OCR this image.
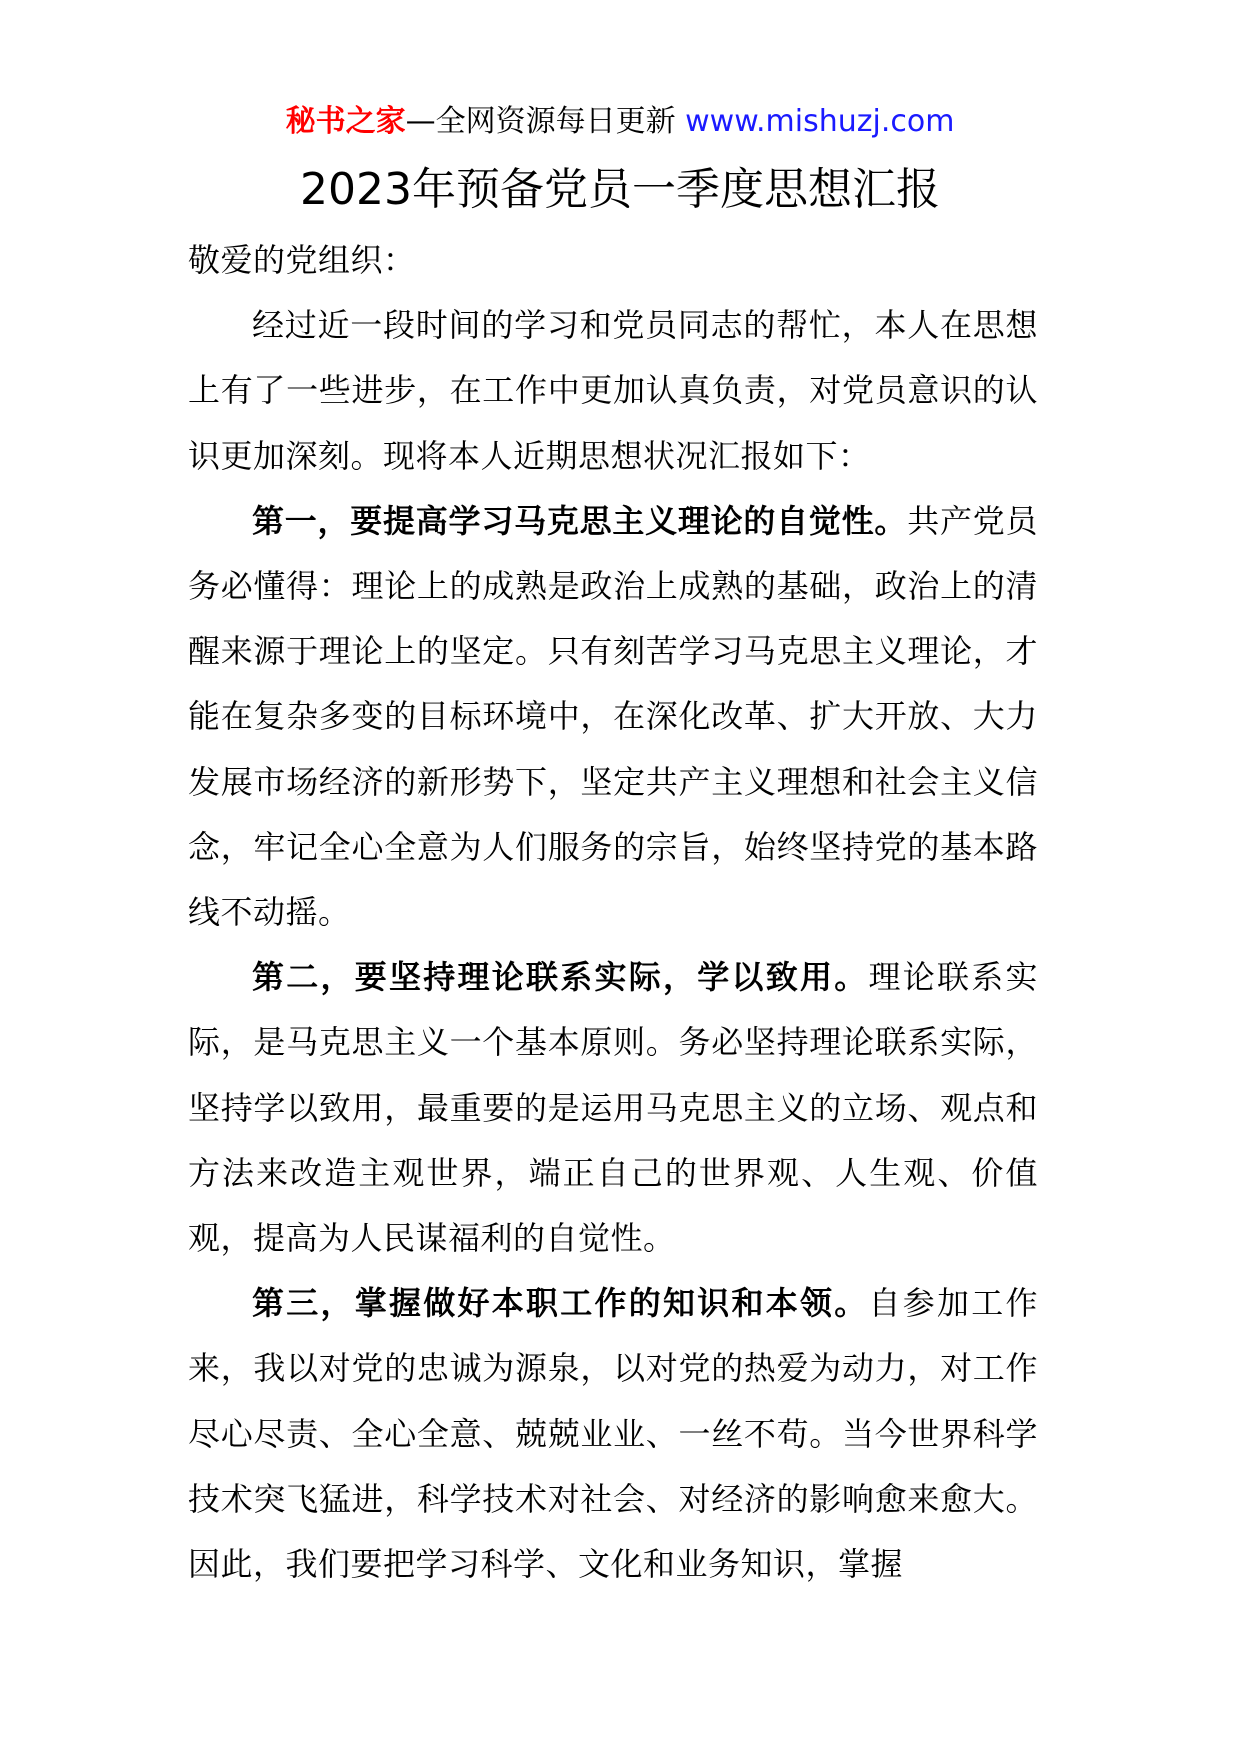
秘书之家—全网资源每日更新 www.mishuzj.com
2023年预备党员一季度思想汇报

敬爱的党组织：

经过近一段时间的学习和党员同志的帮忙，本人在思想上有了一些进步，在工作中更加认真负责，对党员意识的认识更加深刻。现将本人近期思想状况汇报如下：

第一，要提高学习马克思主义理论的自觉性。共产党员务必懂得：理论上的成熟是政治上成熟的基础，政治上的清醒来源于理论上的坚定。只有刻苦学习马克思主义理论，才能在复杂多变的目标环境中，在深化改革、扩大开放、大力发展市场经济的新形势下，坚定共产主义理想和社会主义信念，牢记全心全意为人们服务的宗旨，始终坚持党的基本路线不动摇。

第二，要坚持理论联系实际，学以致用。理论联系实际，是马克思主义一个基本原则。务必坚持理论联系实际，坚持学以致用，最重要的是运用马克思主义的立场、观点和方法来改造主观世界，端正自己的世界观、人生观、价值观，提高为人民谋福利的自觉性。

第三，掌握做好本职工作的知识和本领。自参加工作来，我以对党的忠诚为源泉，以对党的热爱为动力，对工作尽心尽责、全心全意、兢兢业业、一丝不苟。当今世界科学技术突飞猛进，科学技术对社会、对经济的影响愈来愈大。因此，我们要把学习科学、文化和业务知识，掌握
